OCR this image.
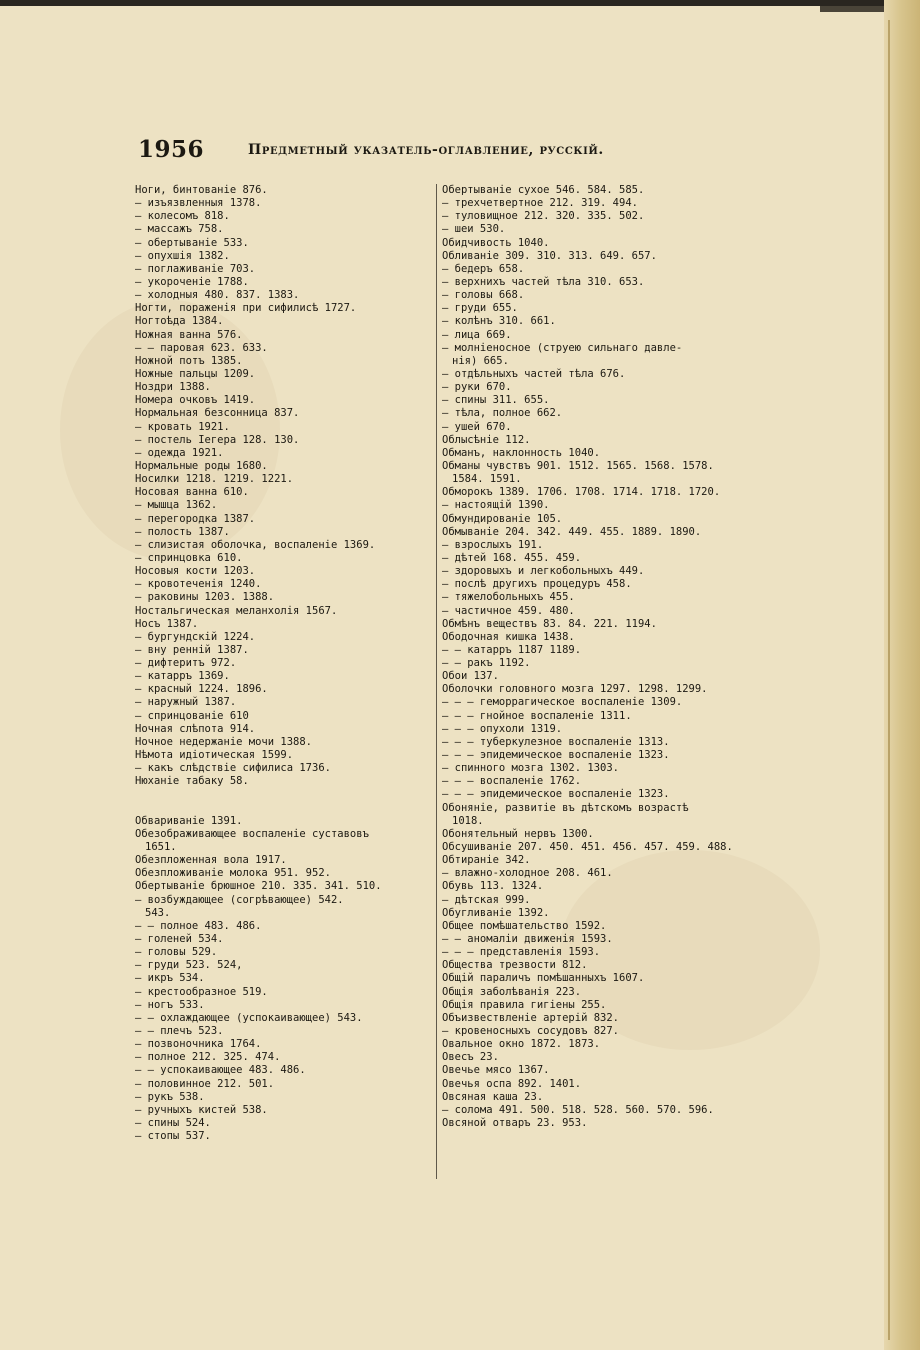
1956	Предметный указатель-оглавление, русскій.
Ноги, бинтованіе 876.
— изъязвленныя 1378.
— колесомъ 818.
— массажъ 758.
— обертываніе 533.
— опухшія 1382.
— поглаживаніе 703.
— укороченіе 1788.
— холодныя 480. 837. 1383.
Ногти, пораженія при сифилисѣ 1727.
Ногтоѣда 1384.
Ножная ванна 576.
— — паровая 623. 633.
Ножной потъ 1385.
Ножные пальцы 1209.
Ноздри 1388.
Номера очковъ 1419.
Нормальная безсонница 837.
— кровать 1921.
— постель Іегера 128. 130.
— одежда 1921.
Нормальные роды 1680.
Носилки 1218. 1219. 1221.
Носовая ванна 610.
— мышца 1362.
— перегородка 1387.
— полость 1387.
— слизистая оболочка, воспаленіе 1369.
— спринцовка 610.
Носовыя кости 1203.
— кровотеченія 1240.
— раковины 1203. 1388.
Ностальгическая меланхолія 1567.
Носъ 1387.
— бургундскій 1224.
— вну ренній 1387.
— дифтеритъ 972.
— катарръ 1369.
— красный 1224. 1896.
— наружный 1387.
— спринцованіе 610
Ночная слѣпота 914.
Ночное недержаніе мочи 1388.
Нѣмота идіотическая 1599.
— какъ слѣдствіе сифилиса 1736.
Нюханіе табаку 58.
Обвариваніе 1391.
Обезображивающее воспаленіе суставовъ
1651.
Обезпложенная вола 1917.
Обезпложиваніе молока 951. 952.
Обертываніе брюшное 210. 335. 341. 510.
— возбуждающее (согрѣвающее) 542.
543.
— — полное 483. 486.
— голеней 534.
— головы 529.
— груди 523. 524,
— икръ 534.
— крестообразное 519.
— ногъ 533.
— — охлаждающее (успокаивающее) 543.
— — плечъ 523.
— позвоночника 1764.
— полное 212. 325. 474.
— — успокаивающее 483. 486.
— половинное 212. 501.
— рукъ 538.
— ручныхъ кистей 538.
— спины 524.
— стопы 537.
Обертываніе сухое 546. 584. 585.
— трехчетвертное 212. 319. 494.
— туловищное 212. 320. 335. 502.
— шеи 530.
Обидчивость 1040.
Обливаніе 309. 310. 313. 649. 657.
— бедеръ 658.
— верхнихъ частей тѣла 310. 653.
— головы 668.
— груди 655.
— колѣнъ 310. 661.
— лица 669.
— молніеносное (струею сильнаго давле-
нія) 665.
— отдѣльныхъ частей тѣла 676.
— руки 670.
— спины 311. 655.
— тѣла, полное 662.
— ушей 670.
Облысѣніе 112.
Обманъ, наклонность 1040.
Обманы чувствъ 901. 1512. 1565. 1568. 1578.
1584. 1591.
Обморокъ 1389. 1706. 1708. 1714. 1718. 1720.
— настоящій 1390.
Обмундированіе 105.
Обмываніе 204. 342. 449. 455. 1889. 1890.
— взрослыхъ 191.
— дѣтей 168. 455. 459.
— здоровыхъ и легкобольныхъ 449.
— послѣ другихъ процедуръ 458.
— тяжелобольныхъ 455.
— частичное 459. 480.
Обмѣнъ веществъ 83. 84. 221. 1194.
Ободочная кишка 1438.
— — катарръ 1187 1189.
— — ракъ 1192.
Обои 137.
Оболочки головного мозга 1297. 1298. 1299.
— — — геморрагическое воспаленіе 1309.
— — — гнойное воспаленіе 1311.
— — — опухоли 1319.
— — — туберкулезное воспаленіе 1313.
— — — эпидемическое воспаленіе 1323.
— спинного мозга 1302. 1303.
— — — воспаленіе 1762.
— — — эпидемическое воспаленіе 1323.
Обоняніе, развитіе въ дѣтскомъ возрастѣ
1018.
Обонятельный нервъ 1300.
Обсушиваніе 207. 450. 451. 456. 457. 459. 488.
Обтираніе 342.
— влажно-холодное 208. 461.
Обувь 113. 1324.
— дѣтская 999.
Обугливаніе 1392.
Общее помѣшательство 1592.
— — аномаліи движенія 1593.
— — — представленія 1593.
Общества трезвости 812.
Общій параличъ помѣшанныхъ 1607.
Общія заболѣванія 223.
Общія правила гигіены 255.
Объизвествленіе артерій 832.
— кровеносныхъ сосудовъ 827.
Овальное окно 1872. 1873.
Овесъ 23.
Овечье мясо 1367.
Овечья оспа 892. 1401.
Овсяная каша 23.
— солома 491. 500. 518. 528. 560. 570. 596.
Овсяной отваръ 23. 953.
